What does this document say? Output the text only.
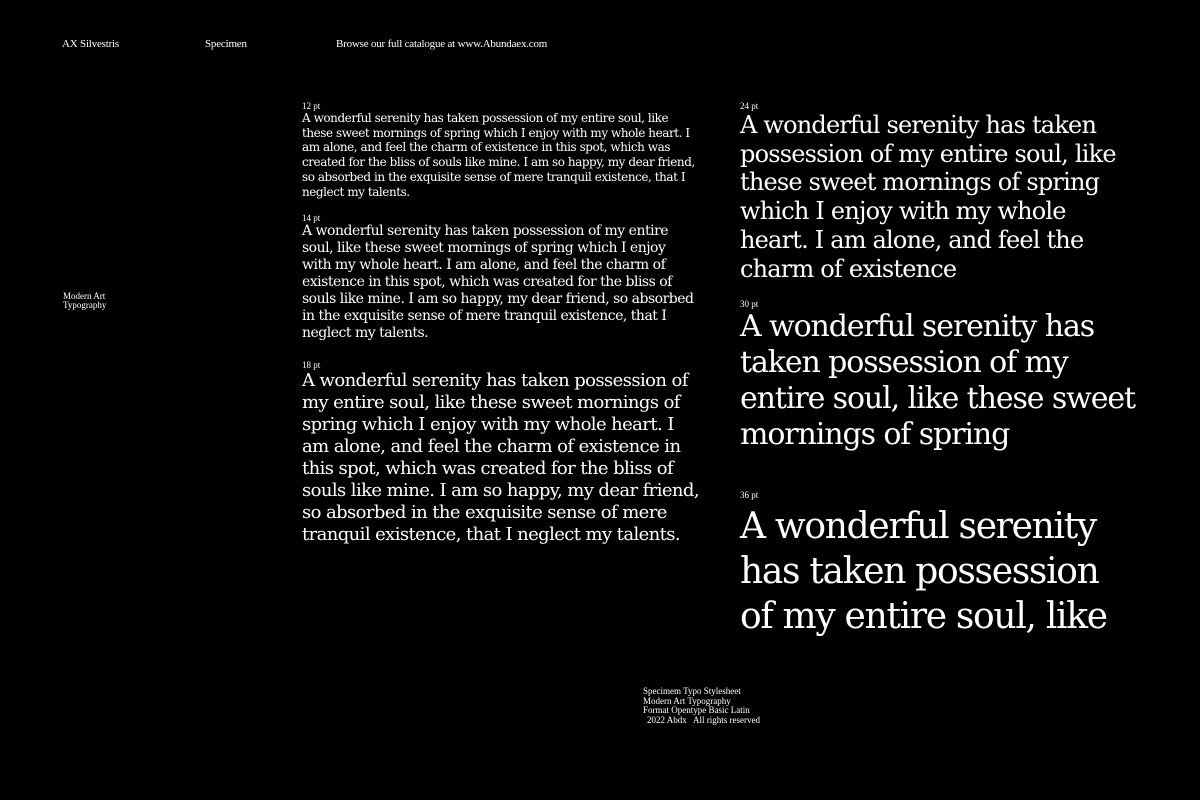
AX Silvestris	Specimen	Browse our full catalogue at www.Abundaex.com
Modern Art
Typography

12 pt

A wonderful serenity has taken possession of my entire soul, like these sweet mornings of spring which I enjoy with my whole heart. I am alone, and feel the charm of existence in this spot, which was created for the bliss of souls like mine. I am so happy, my dear friend, so absorbed in the exquisite sense of mere tranquil existence, that I neglect my talents.

14 pt

A wonderful serenity has taken possession of my entire soul, like these sweet mornings of spring which I enjoy with my whole heart. I am alone, and feel the charm of existence in this spot, which was created for the bliss of souls like mine. I am so happy, my dear friend, so absorbed in the exquisite sense of mere tranquil existence, that I neglect my talents.

18 pt

A wonderful serenity has taken possession of my entire soul, like these sweet mornings of spring which I enjoy with my whole heart. I am alone, and feel the charm of existence in this spot, which was created for the bliss of souls like mine. I am so happy, my dear friend, so absorbed in the exquisite sense of mere tranquil existence, that I neglect my talents.

24 pt

A wonderful serenity has taken possession of my entire soul, like these sweet mornings of spring which I enjoy with my whole heart. I am alone, and feel the charm of existence

30 pt

A wonderful serenity has taken possession of my entire soul, like these sweet mornings of spring

36 pt

A wonderful serenity has taken possession of my entire soul, like

Specimem Typo Stylesheet
Modern Art Typography
Format Opentype Basic Latin
2022 Abdx   All rights reserved
